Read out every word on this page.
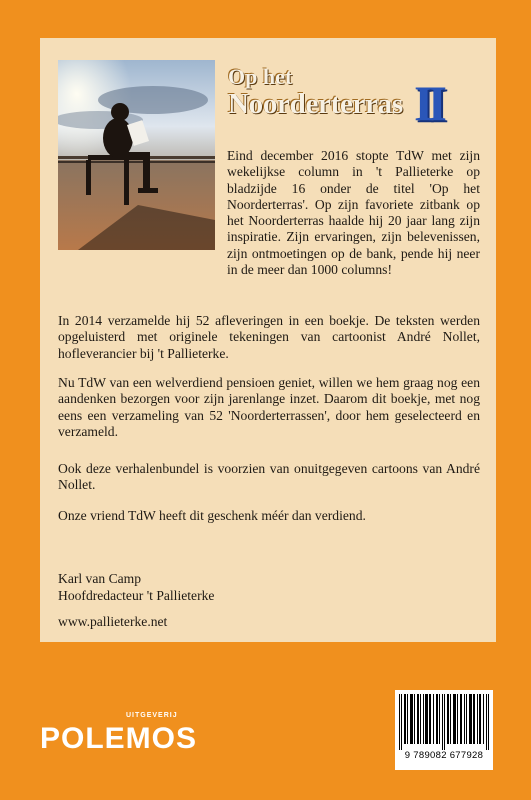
Op het
Noorderterras II

Eind december 2016 stopte TdW met zijn wekelijkse column in 't Pallieterke op bladzijde 16 onder de titel 'Op het Noorderterras'. Op zijn favoriete zitbank op het Noorderterras haalde hij 20 jaar lang zijn inspiratie. Zijn ervaringen, zijn belevenissen, zijn ontmoetingen op de bank, pende hij neer in de meer dan 1000 columns!

In 2014 verzamelde hij 52 afleveringen in een boekje. De teksten werden opgeluisterd met originele tekeningen van cartoonist André Nollet, hofleverancier bij 't Pallieterke.

Nu TdW van een welverdiend pensioen geniet, willen we hem graag nog een aandenken bezorgen voor zijn jarenlange inzet. Daarom dit boekje, met nog eens een verzameling van 52 'Noorderterrassen', door hem geselecteerd en verzameld.

Ook deze verhalenbundel is voorzien van onuitgegeven cartoons van André Nollet.

Onze vriend TdW heeft dit geschenk méér dan verdiend.

Karl van Camp

Hoofdredacteur 't Pallieterke

www.pallieterke.net

UITGEVERIJ
POLEMOS
9 789082 677928
